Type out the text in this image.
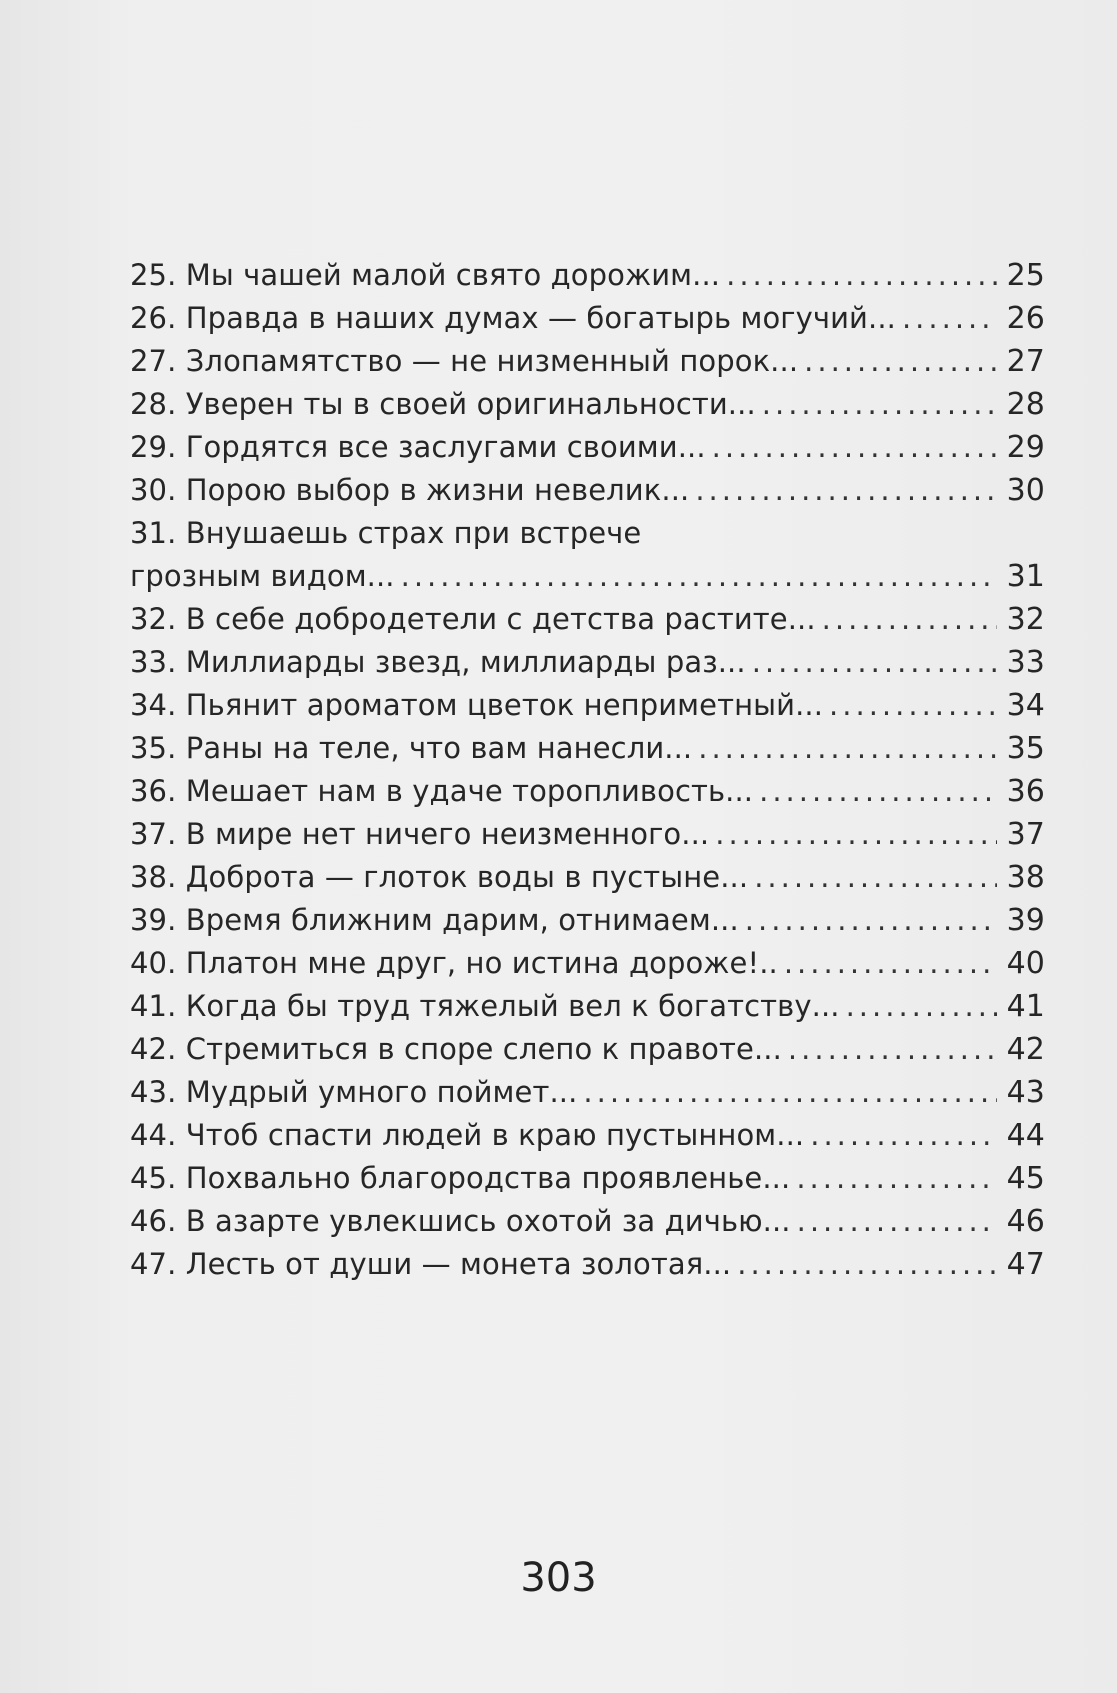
25. Мы чашей малой свято дорожим... .....	25
26. Правда в наших думах — богатырь могучий... .....	26
27. Злопамятство — не низменный порок... .....	27
28. Уверен ты в своей оригинальности... .....	28
29. Гордятся все заслугами своими... .....	29
30. Порою выбор в жизни невелик... .....	30
31. Внушаешь страх при встрече
грозным видом... .....	31
32. В себе добродетели с детства растите... .....	32
33. Миллиарды звезд, миллиарды раз... .....	33
34. Пьянит ароматом цветок неприметный... .....	34
35. Раны на теле, что вам нанесли... .....	35
36. Мешает нам в удаче торопливость... .....	36
37. В мире нет ничего неизменного... .....	37
38. Доброта — глоток воды в пустыне... .....	38
39. Время ближним дарим, отнимаем... .....	39
40. Платон мне друг, но истина дороже!.. .....	40
41. Когда бы труд тяжелый вел к богатству... .....	41
42. Стремиться в споре слепо к правоте... .....	42
43. Мудрый умного поймет... .....	43
44. Чтоб спасти людей в краю пустынном... .....	44
45. Похвально благородства проявленье... .....	45
46. В азарте увлекшись охотой за дичью... .....	46
47. Лесть от души — монета золотая... .....	47
303
